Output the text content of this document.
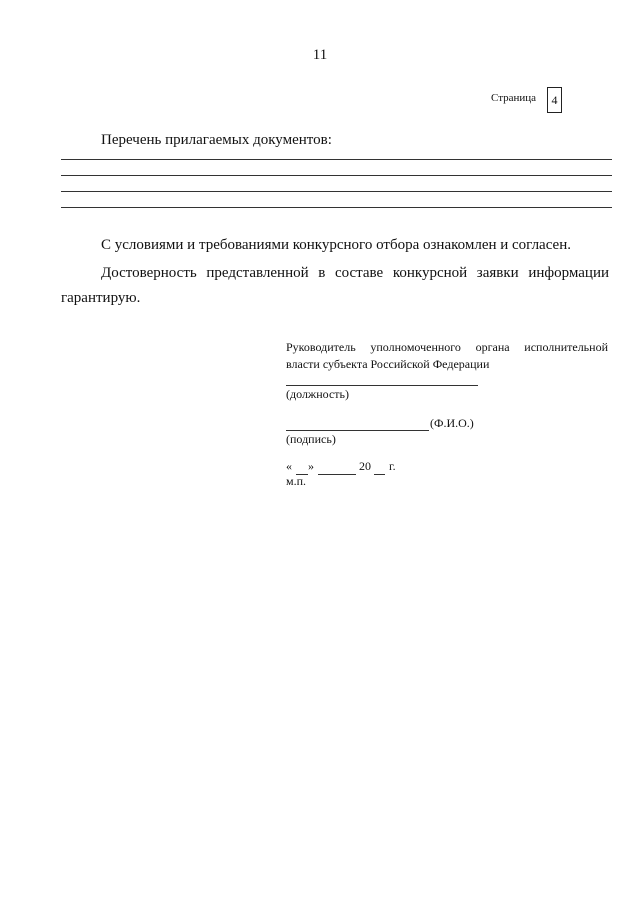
11
Страница	4
Перечень прилагаемых документов:
С условиями и требованиями конкурсного отбора ознакомлен и согласен.
Достоверность представленной в составе конкурсной заявки информации
гарантирую.
Руководитель уполномоченного органа исполнительной
власти субъекта Российской Федерации
(должность)
(Ф.И.О.)
(подпись)
« »	20 г.
м.п.
